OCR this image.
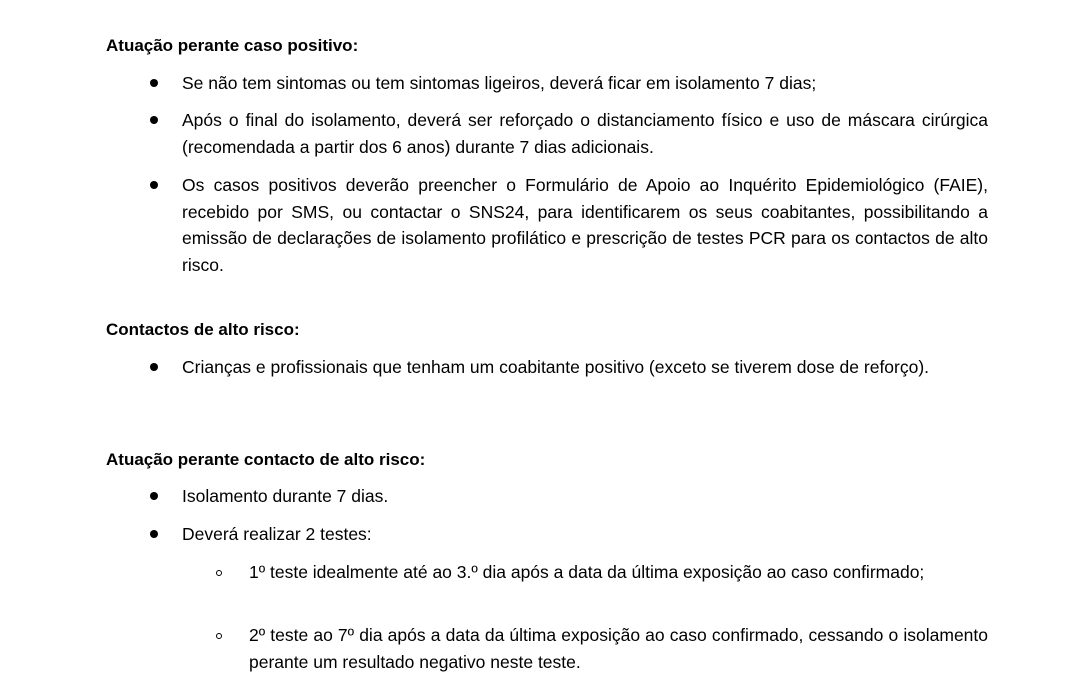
Atuação perante caso positivo:
Se não tem sintomas ou tem sintomas ligeiros, deverá ficar em isolamento 7 dias;
Após o final do isolamento, deverá ser reforçado o distanciamento físico e uso de máscara cirúrgica (recomendada a partir dos 6 anos) durante 7 dias adicionais.
Os casos positivos deverão preencher o Formulário de Apoio ao Inquérito Epidemiológico (FAIE), recebido por SMS, ou contactar o SNS24, para identificarem os seus coabitantes, possibilitando a emissão de declarações de isolamento profilático e prescrição de testes PCR para os contactos de alto risco.
Contactos de alto risco:
Crianças e profissionais que tenham um coabitante positivo (exceto se tiverem dose de reforço).
Atuação perante contacto de alto risco:
Isolamento durante 7 dias.
Deverá realizar 2 testes:
1º teste idealmente até ao 3.º dia após a data da última exposição ao caso confirmado;
2º teste ao 7º dia após a data da última exposição ao caso confirmado, cessando o isolamento perante um resultado negativo neste teste.
